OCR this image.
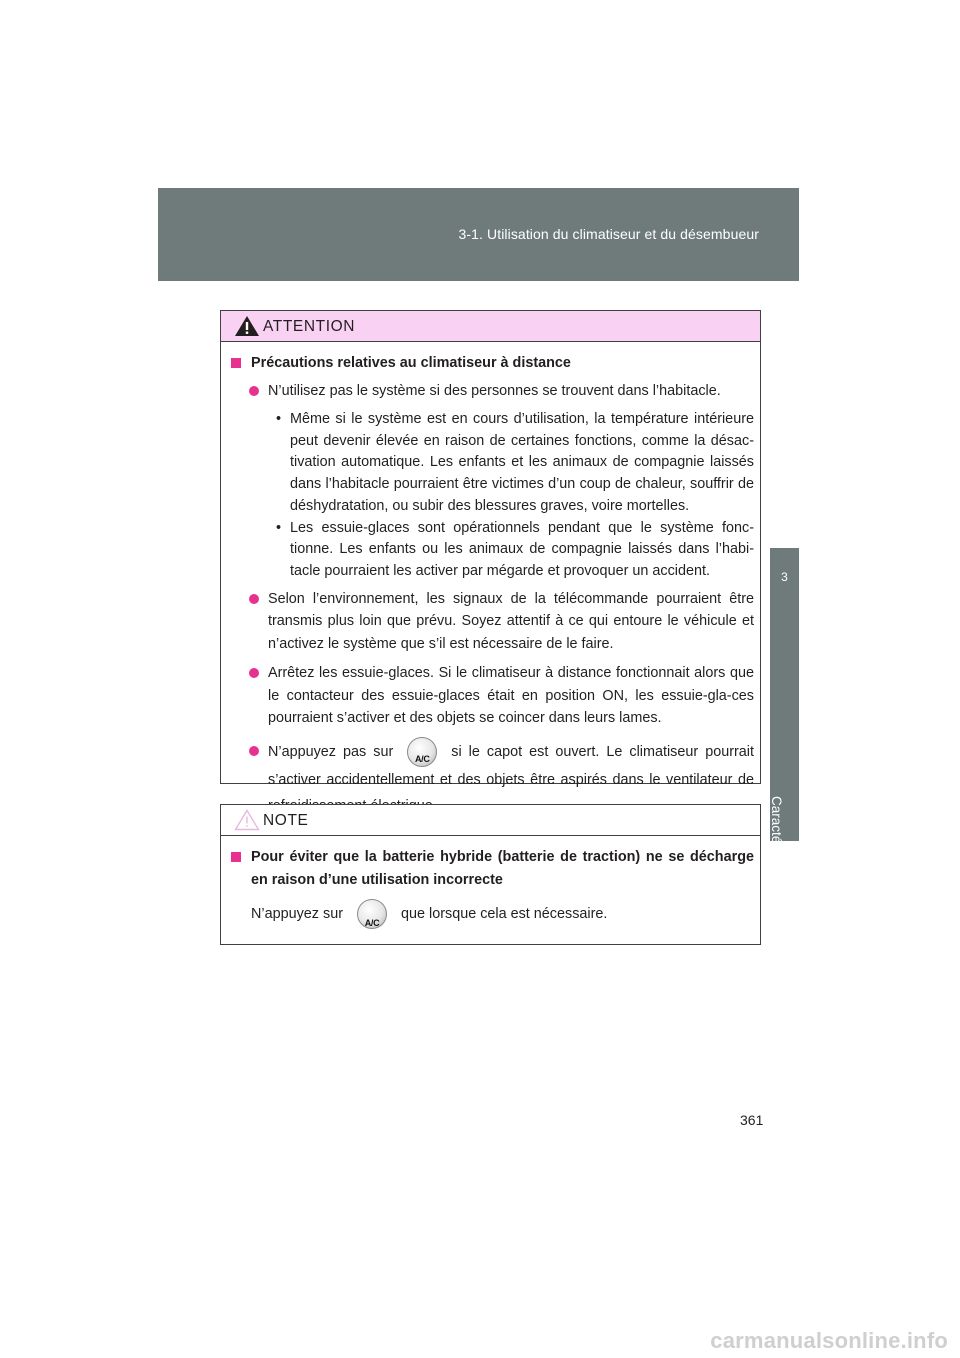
3-1. Utilisation du climatiseur et du désembueur
3
Caractéristiques intérieures
ATTENTION
Précautions relatives au climatiseur à distance
N’utilisez pas le système si des personnes se trouvent dans l’habitacle.
• Même si le système est en cours d’utilisation, la température intérieure peut devenir élevée en raison de certaines fonctions, comme la désac-tivation automatique. Les enfants et les animaux de compagnie laissés dans l’habitacle pourraient être victimes d’un coup de chaleur, souffrir de déshydratation, ou subir des blessures graves, voire mortelles.
• Les essuie-glaces sont opérationnels pendant que le système fonc-tionne. Les enfants ou les animaux de compagnie laissés dans l’habi-tacle pourraient les activer par mégarde et provoquer un accident.
Selon l’environnement, les signaux de la télécommande pourraient être transmis plus loin que prévu. Soyez attentif à ce qui entoure le véhicule et n’activez le système que s’il est nécessaire de le faire.
Arrêtez les essuie-glaces. Si le climatiseur à distance fonctionnait alors que le contacteur des essuie-glaces était en position ON, les essuie-gla-ces pourraient s’activer et des objets se coincer dans leurs lames.
N’appuyez pas sur	A/C	si le capot est ouvert. Le climatiseur pourrait s’activer accidentellement et des objets être aspirés dans le ventilateur de
NOTE
Pour éviter que la batterie hybride (batterie de traction) ne se décharge en raison d’une utilisation incorrecte
N’appuyez sur
A/C
que lorsque cela est nécessaire.
361
carmanualsonline.info
